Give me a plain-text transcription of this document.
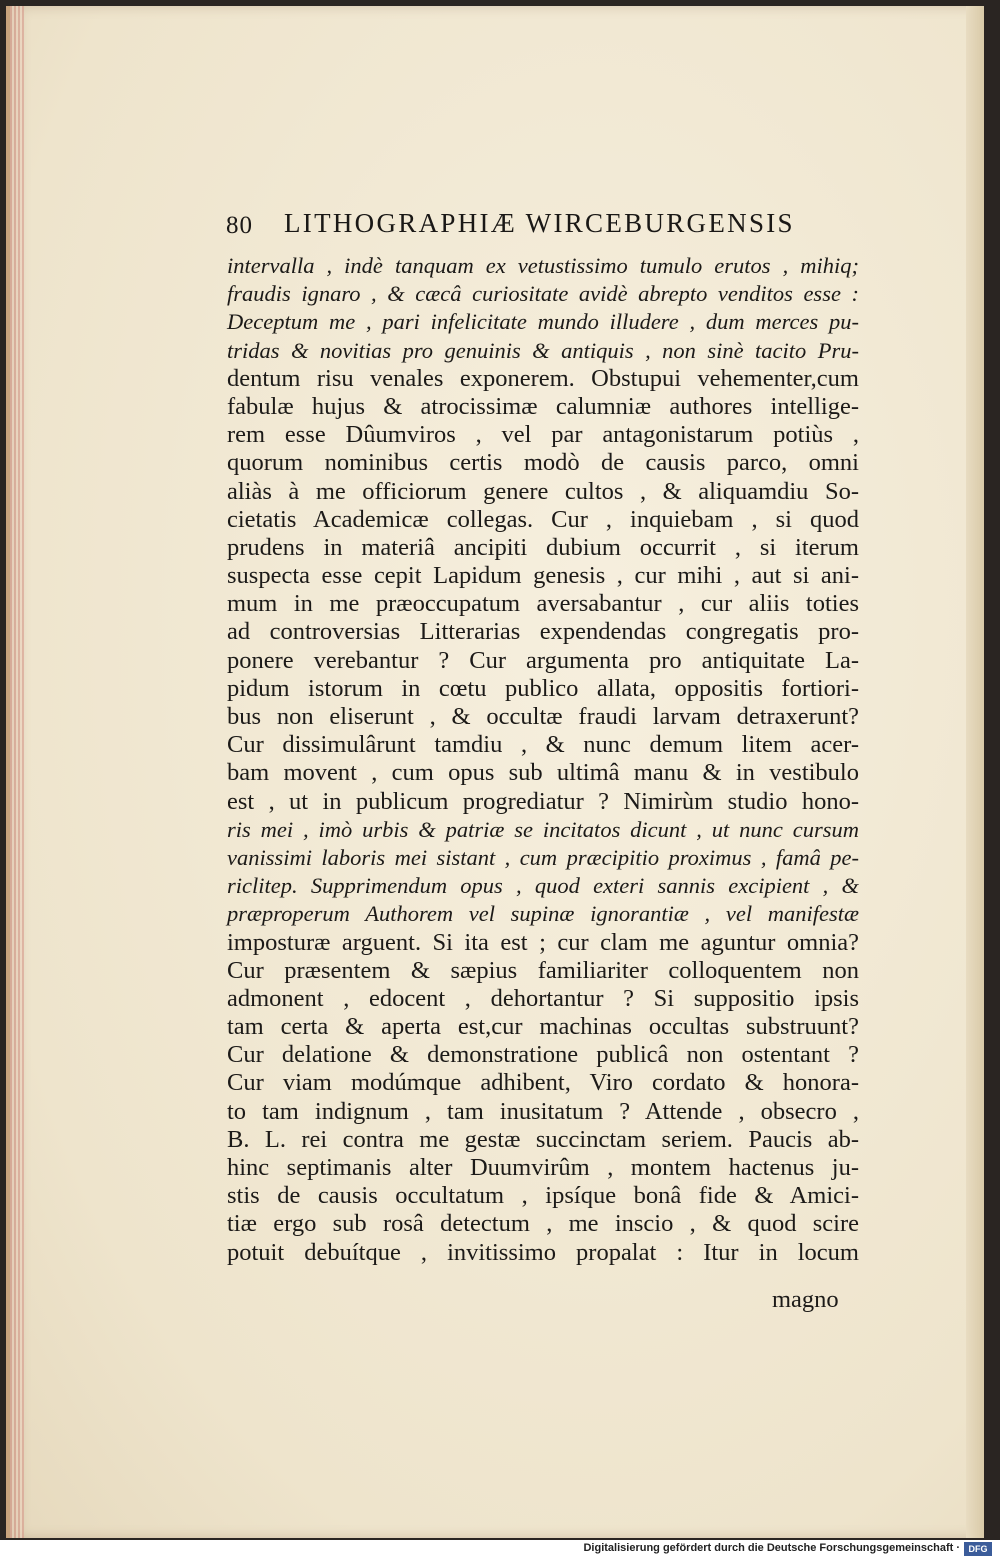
80 LITHOGRAPHIÆ WIRCEBURGENSIS
intervalla , indè tanquam ex vetustissimo tumulo erutos , mihiq;
fraudis ignaro , & cæcâ curiositate avidè abrepto venditos esse :
Deceptum me , pari infelicitate mundo illudere , dum merces pu-
tridas & novitias pro genuinis & antiquis , non sinè tacito Pru-
dentum risu venales exponerem. Obstupui vehementer,cum
fabulæ hujus & atrocissimæ calumniæ authores intellige-
rem esse Dûumviros , vel par antagonistarum potiùs ,
quorum nominibus certis modò de causis parco, omni
aliàs à me officiorum genere cultos , & aliquamdiu So-
cietatis Academicæ collegas. Cur , inquiebam , si quod
prudens in materiâ ancipiti dubium occurrit , si iterum
suspecta esse cepit Lapidum genesis , cur mihi , aut si ani-
mum in me præoccupatum aversabantur , cur aliis toties
ad controversias Litterarias expendendas congregatis pro-
ponere verebantur ? Cur argumenta pro antiquitate La-
pidum istorum in cœtu publico allata, oppositis fortiori-
bus non eliserunt , & occultæ fraudi larvam detraxerunt?
Cur dissimulârunt tamdiu , & nunc demum litem acer-
bam movent , cum opus sub ultimâ manu & in vestibulo
est , ut in publicum progrediatur ? Nimirùm studio hono-
ris mei , imò urbis & patriæ se incitatos dicunt , ut nunc cursum
vanissimi laboris mei sistant , cum præcipitio proximus , famâ pe-
riclitер. Supprimendum opus , quod exteri sannis excipient , &
præproperum Authorem vel supinæ ignorantiæ , vel manifestæ
imposturæ arguent. Si ita est ; cur clam me aguntur omnia?
Cur præsentem & sæpius familiariter colloquentem non
admonent , edocent , dehortantur ? Si suppositio ipsis
tam certa & aperta est,cur machinas occultas substruunt?
Cur delatione & demonstratione publicâ non ostentant ?
Cur viam modúmque adhibent, Viro cordato & honora-
to tam indignum , tam inusitatum ? Attende , obsecro ,
B. L. rei contra me gestæ succinctam seriem. Paucis ab-
hinc septimanis alter Duumvirûm , montem hactenus ju-
stis de causis occultatum , ipsíque bonâ fide & Amici-
tiæ ergo sub rosâ detectum , me inscio , & quod scire
potuit debuítque , invitissimo propalat : Itur in locum
magno
Digitalisierung gefördert durch die Deutsche Forschungsgemeinschaft · DFG
